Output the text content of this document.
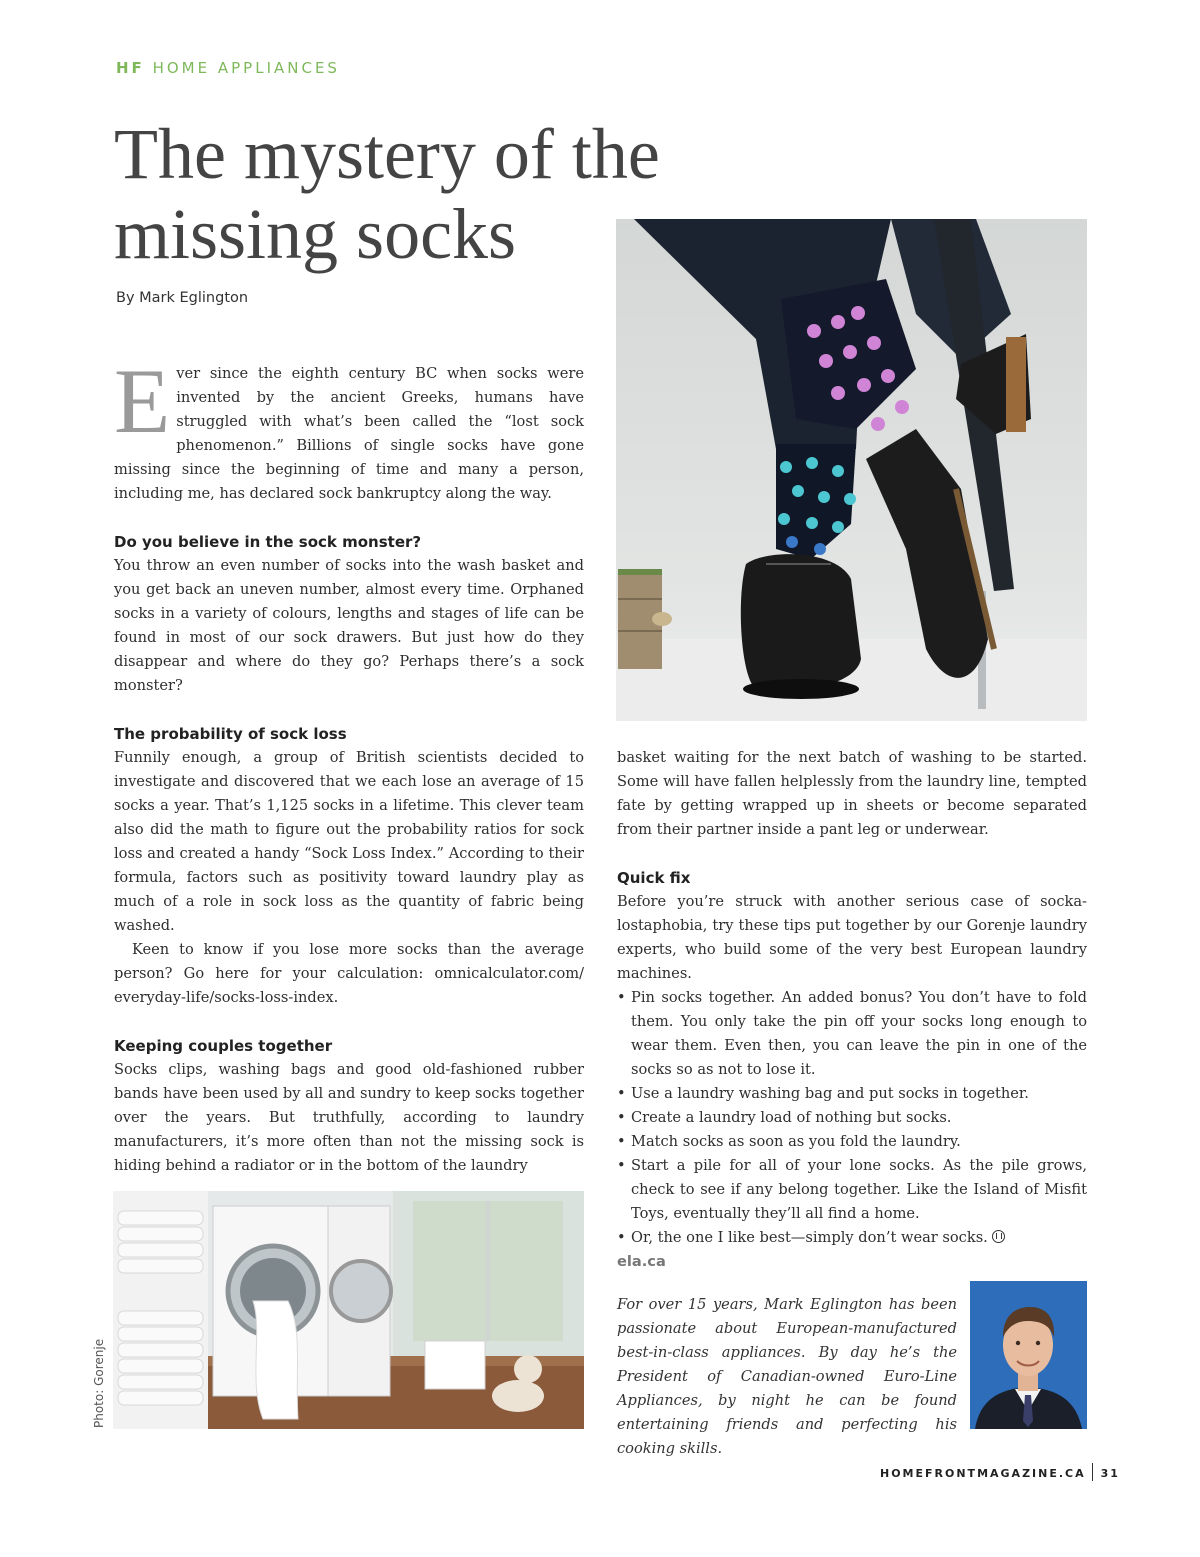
HF HOME APPLIANCES
The mystery of the missing socks
By Mark Eglington

Ever since the eighth century BC when socks were invented by the ancient Greeks, humans have struggled with what’s been called the “lost sock phenomenon.” Billions of single socks have gone missing since the beginning of time and many a person, including me, has declared sock bankruptcy along the way.

Do you believe in the sock monster?

You throw an even number of socks into the wash basket and you get back an uneven number, almost every time. Orphaned socks in a variety of colours, lengths and stages of life can be found in most of our sock drawers. But just how do they disappear and where do they go? Perhaps there’s a sock monster?

The probability of sock loss

Funnily enough, a group of British scientists decided to investigate and discovered that we each lose an average of 15 socks a year. That’s 1,125 socks in a lifetime. This clever team also did the math to figure out the probability ratios for sock loss and created a handy “Sock Loss Index.” According to their formula, factors such as positivity toward laundry play as much of a role in sock loss as the quantity of fabric being washed.

Keen to know if you lose more socks than the average person? Go here for your calculation: omnicalculator.com/ everyday-life/socks-loss-index.

Keeping couples together

Socks clips, washing bags and good old-fashioned rubber bands have been used by all and sundry to keep socks together over the years. But truthfully, according to laundry manufacturers, it’s more often than not the missing sock is hiding behind a radiator or in the bottom of the laundry

Photo: Gorenje

basket waiting for the next batch of washing to be started. Some will have fallen helplessly from the laundry line, tempted fate by getting wrapped up in sheets or become separated from their partner inside a pant leg or underwear.

Quick fix

Before you’re struck with another serious case of socka-lostaphobia, try these tips put together by our Gorenje laundry experts, who build some of the very best European laundry machines.

• Pin socks together. An added bonus? You don’t have to fold them. You only take the pin off your socks long enough to wear them. Even then, you can leave the pin in one of the socks so as not to lose it.
• Use a laundry washing bag and put socks in together.
• Create a laundry load of nothing but socks.
• Match socks as soon as you fold the laundry.
• Start a pile for all of your lone socks. As the pile grows, check to see if any belong together. Like the Island of Misfit Toys, eventually they’ll all find a home.
• Or, the one I like best—simply don’t wear socks.
ela.ca

For over 15 years, Mark Eglington has been passionate about European-manufactured best-in-class appliances. By day he’s the President of Canadian-owned Euro-Line Appliances, by night he can be found entertaining friends and perfecting his cooking skills.

HOMEFRONTMAGAZINE.CA 31
